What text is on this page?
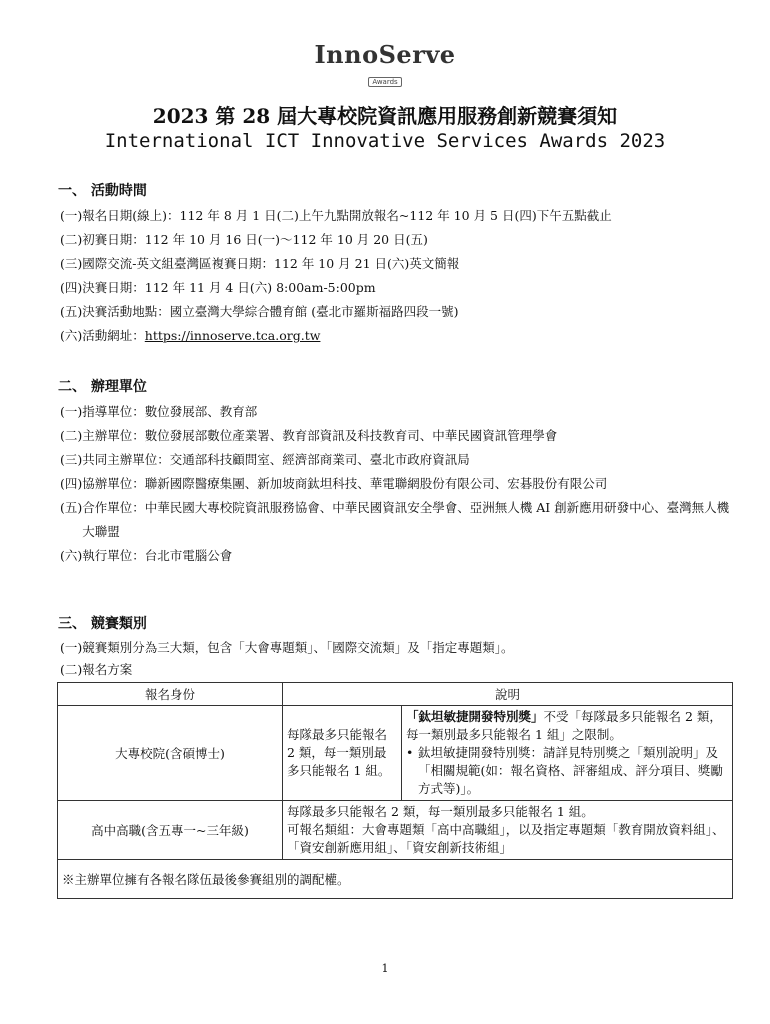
InnoServe
Awards
2023 第 28 屆大專校院資訊應用服務創新競賽須知
International ICT Innovative Services Awards 2023
一、 活動時間
(一) 報名日期(線上)：112 年 8 月 1 日(二)上午九點開放報名~112 年 10 月 5 日(四)下午五點截止
(二) 初賽日期：112 年 10 月 16 日(一)～112 年 10 月 20 日(五)
(三) 國際交流-英文組臺灣區複賽日期：112 年 10 月 21 日(六)英文簡報
(四) 決賽日期：112 年 11 月 4 日(六) 8:00am-5:00pm
(五) 決賽活動地點：國立臺灣大學綜合體育館 (臺北市羅斯福路四段一號)
(六) 活動網址：https://innoserve.tca.org.tw
二、 辦理單位
(一) 指導單位：數位發展部、教育部
(二) 主辦單位：數位發展部數位產業署、教育部資訊及科技教育司、中華民國資訊管理學會
(三) 共同主辦單位：交通部科技顧問室、經濟部商業司、臺北市政府資訊局
(四) 協辦單位：聯新國際醫療集團、新加坡商鈦坦科技、華電聯網股份有限公司、宏碁股份有限公司
(五) 合作單位：中華民國大專校院資訊服務協會、中華民國資訊安全學會、亞洲無人機 AI 創新應用研發中心、臺灣無人機大聯盟
(六) 執行單位：台北市電腦公會
三、 競賽類別
(一) 競賽類別分為三大類，包含「大會專題類」、「國際交流類」及「指定專題類」。
(二) 報名方案
報名身份	說明	
大專校院(含碩博士)	每隊最多只能報名 2 類，每一類別最多只能報名 1 組。	「鈦坦敏捷開發特別獎」不受「每隊最多只能報名 2 類，每一類別最多只能報名 1 組」之限制。
• 鈦坦敏捷開發特別獎：請詳見特別獎之「類別說明」及「相關規範(如：報名資格、評審組成、評分項目、獎勵方式等)」。

高中高職(含五專一~三年級)	每隊最多只能報名 2 類，每一類別最多只能報名 1 組。
可報名類組：大會專題類「高中高職組」，以及指定專題類「教育開放資料組」、「資安創新應用組」、「資安創新技術組」	

※主辦單位擁有各報名隊伍最後參賽組別的調配權。		
1
